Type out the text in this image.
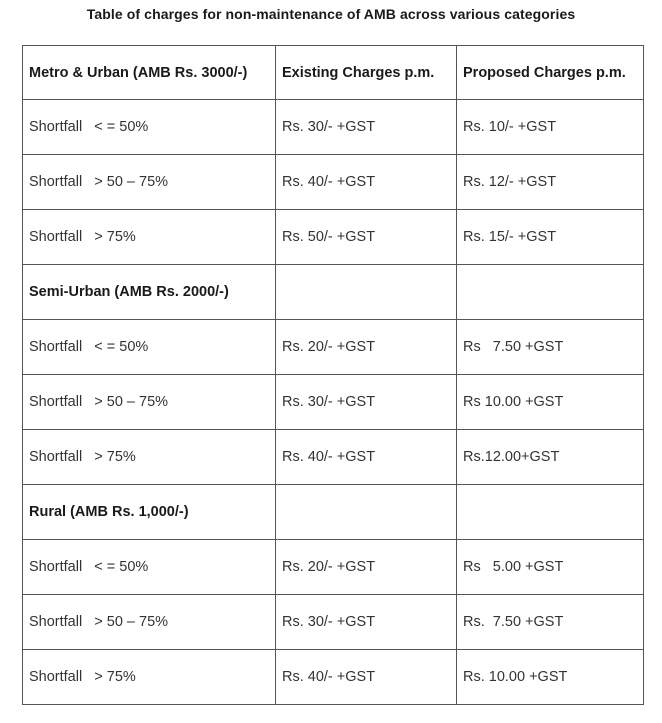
Table of charges for non-maintenance of AMB across various categories
Metro & Urban (AMB Rs. 3000/-)	Existing Charges p.m.	Proposed Charges p.m.
Shortfall   < = 50%	Rs. 30/- +GST	Rs. 10/- +GST
Shortfall   > 50 – 75%	Rs. 40/- +GST	Rs. 12/- +GST
Shortfall   > 75%	Rs. 50/- +GST	Rs. 15/- +GST
Semi-Urban (AMB Rs. 2000/-)		
Shortfall   < = 50%	Rs. 20/- +GST	Rs   7.50 +GST
Shortfall   > 50 – 75%	Rs. 30/- +GST	Rs 10.00 +GST
Shortfall   > 75%	Rs. 40/- +GST	Rs.12.00+GST
Rural (AMB Rs. 1,000/-)		
Shortfall   < = 50%	Rs. 20/- +GST	Rs   5.00 +GST
Shortfall   > 50 – 75%	Rs. 30/- +GST	Rs.  7.50 +GST
Shortfall   > 75%	Rs. 40/- +GST	Rs. 10.00 +GST
